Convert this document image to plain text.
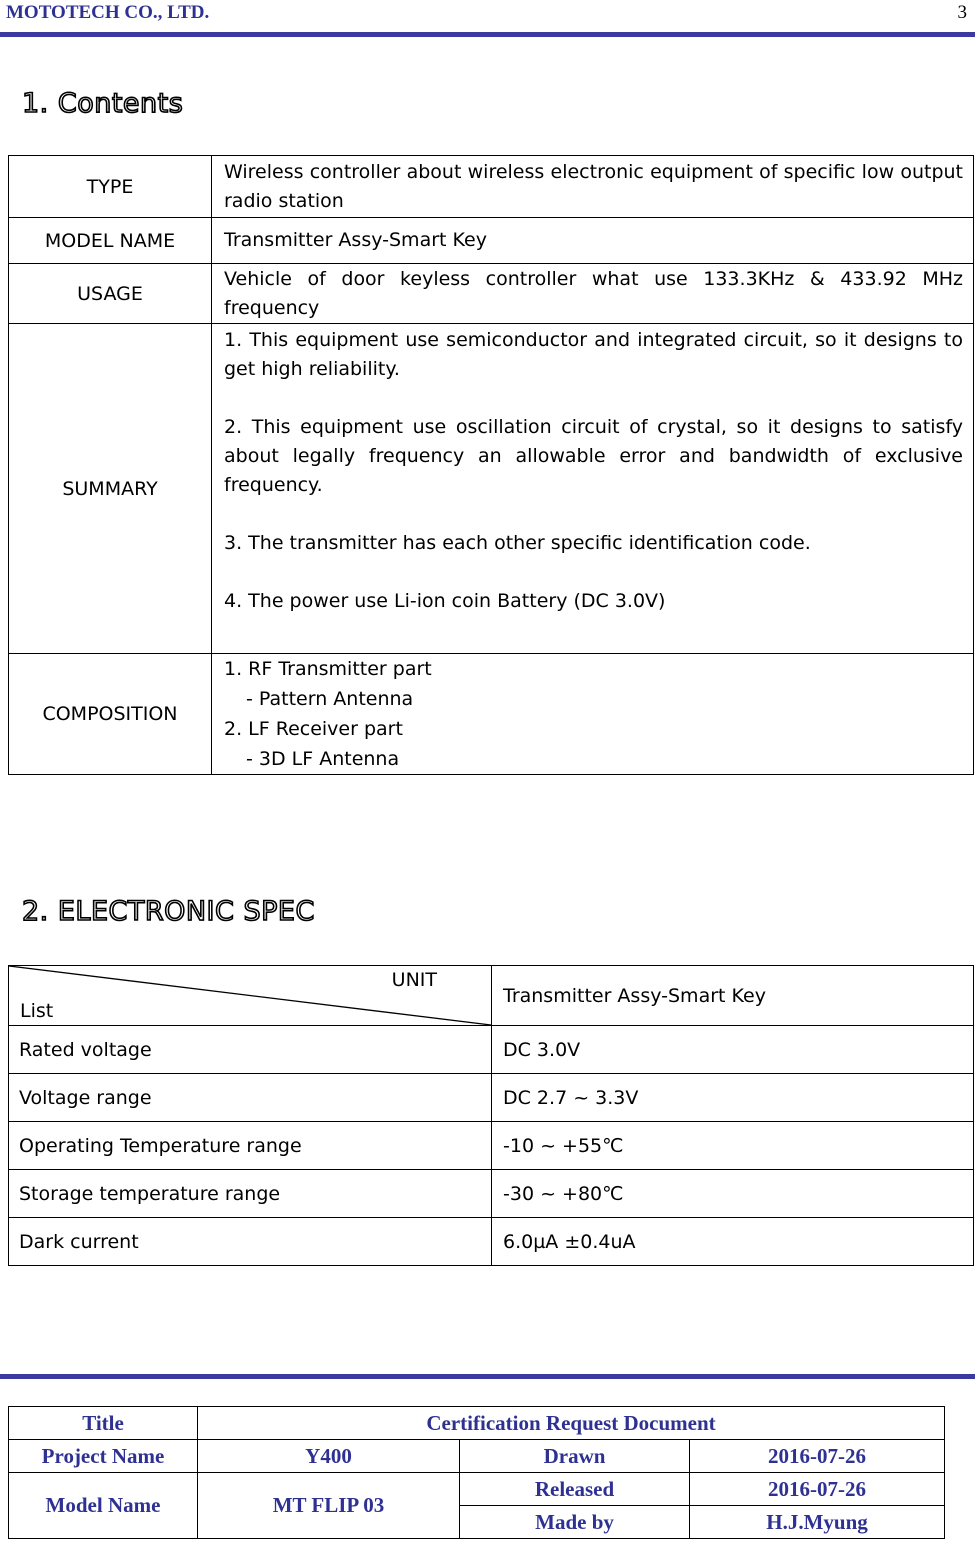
MOTOTECH CO., LTD.	3
1. Contents
TYPE	Wireless controller about wireless electronic equipment of specific low output radio station
MODEL NAME	Transmitter Assy-Smart Key
USAGE	Vehicle of door keyless controller what use 133.3KHz & 433.92 MHz frequency
SUMMARY	1. This equipment use semiconductor and integrated circuit, so it designs to get high reliability.
2. This equipment use oscillation circuit of crystal, so it designs to satisfy about legally frequency an allowable error and bandwidth of exclusive frequency.
3. The transmitter has each other specific identification code.
4. The power use Li-ion coin Battery (DC 3.0V)

COMPOSITION	1. RF Transmitter part
- Pattern Antenna
2. LF Receiver part
- 3D LF Antenna
2. ELECTRONIC SPEC
UNIT
List	Transmitter Assy-Smart Key
Rated voltage	DC 3.0V
Voltage range	DC 2.7 ~ 3.3V
Operating Temperature range	-10 ~ +55℃
Storage temperature range	-30 ~ +80℃
Dark current	6.0µA ±0.4uA
Title	Certification Request Document		
Project Name	Y400	Drawn	2016-07-26
Model Name	MT FLIP 03	Released	2016-07-26
		Made by	H.J.Myung
